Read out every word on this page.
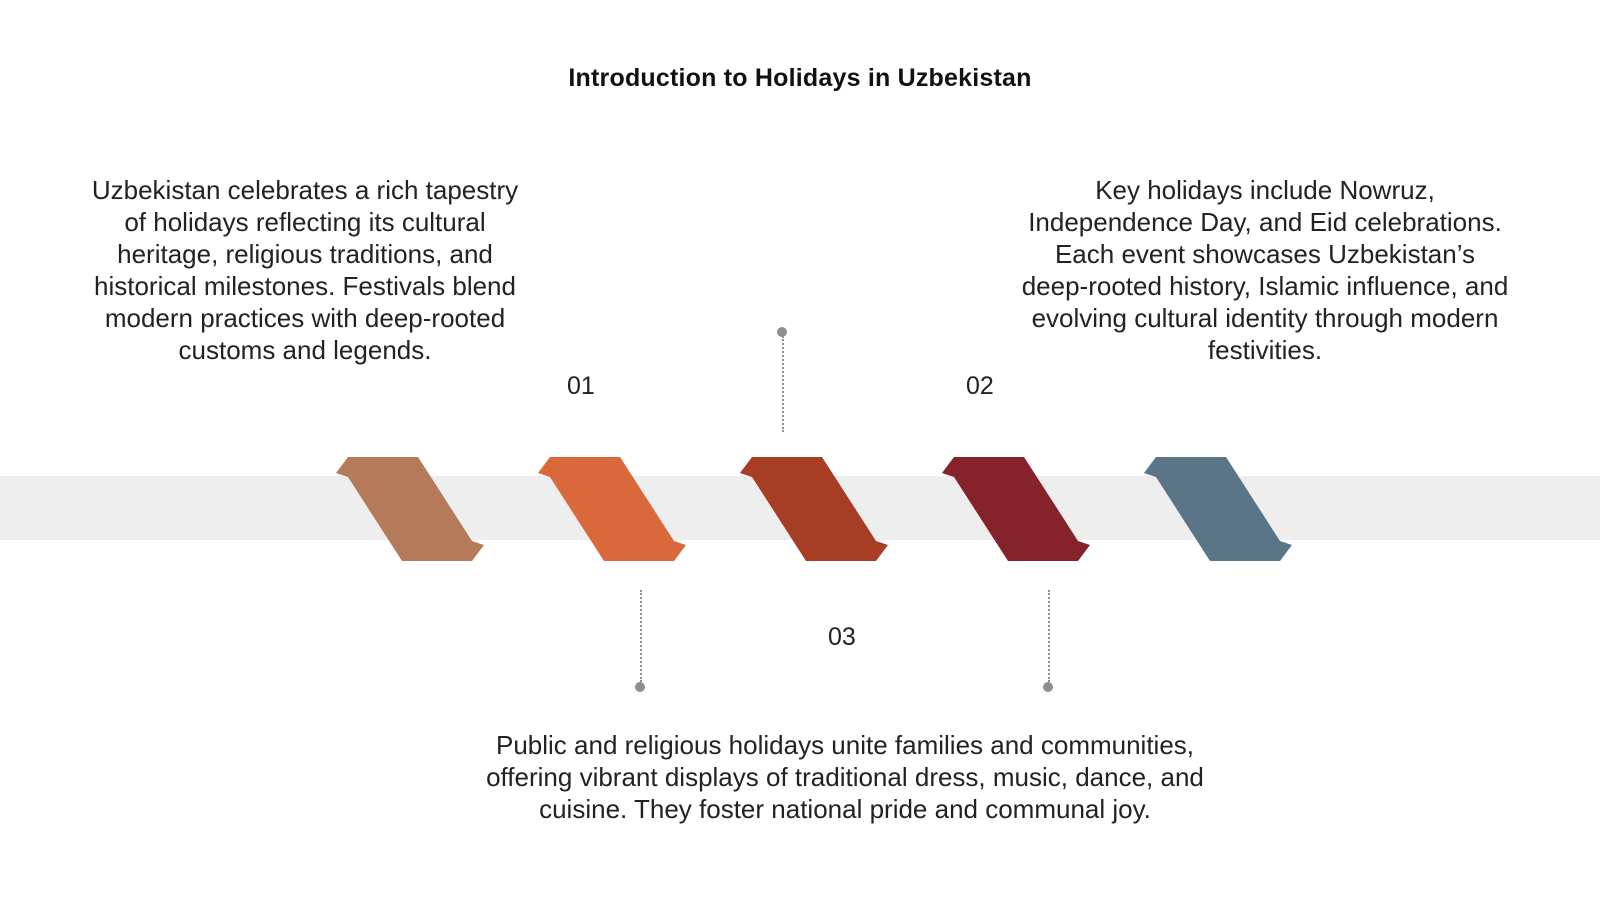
Introduction to Holidays in Uzbekistan
Uzbekistan celebrates a rich tapestry of holidays reflecting its cultural heritage, religious traditions, and historical milestones. Festivals blend modern practices with deep-rooted customs and legends.
Key holidays include Nowruz, Independence Day, and Eid celebrations. Each event showcases Uzbekistan’s deep-rooted history, Islamic influence, and evolving cultural identity through modern festivities.
Public and religious holidays unite families and communities, offering vibrant displays of traditional dress, music, dance, and cuisine. They foster national pride and communal joy.
01	02
03
